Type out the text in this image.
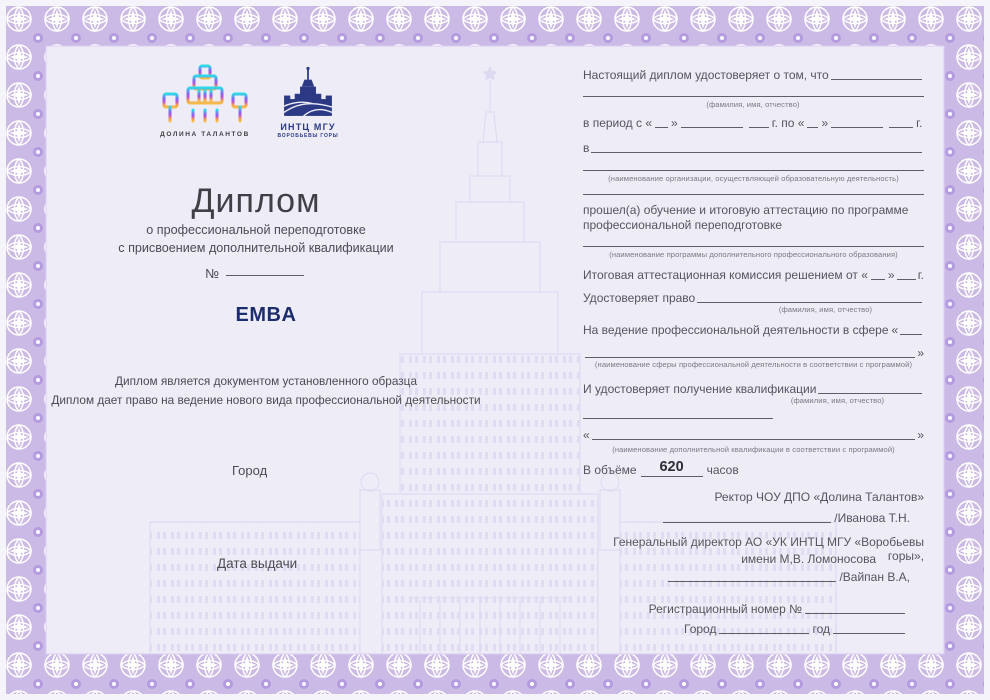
ДОЛИНА ТАЛАНТОВ
ИНТЦ МГУ
ВОРОБЬЕВЫ ГОРЫ
Диплом
о профессиональной переподготовке
с присвоением дополнительной квалификации
№
EMBA
Диплом является документом установленного образца
Диплом дает право на ведение нового вида профессиональной деятельности
Город
Дата выдачи
Настоящий диплом удостоверяет о том, что
(фамилия, имя, отчество)
в период с « »	г. по « »	г.
в
(наименование организации, осуществляющей образовательную деятельность)
прошел(а) обучение и итоговую аттестацию по программе
профессиональной переподготовке
(наименование программы дополнительного профессионального образования)
Итоговая аттестационная комиссия решением от « » г.
Удостоверяет право
(фамилия, имя, отчество)
На ведение профессиональной деятельности в сфере «
»
(наименование сферы профессиональной деятельности в соответствии с программой)
И удостоверяет получение квалификации
(фамилия, имя, отчество)
«	»
(наименование дополнительной квалификации в соответствии с программой)
В объёме	620	часов
Ректор ЧОУ ДПО «Долина Талантов»
/Иванова Т.Н.
Генеральный директор АО «УК ИНТЦ МГУ «Воробьевы горы»,
имени М,В. Ломоносова
/Вайпан В.А,
Регистрационный номер №
Город	год
